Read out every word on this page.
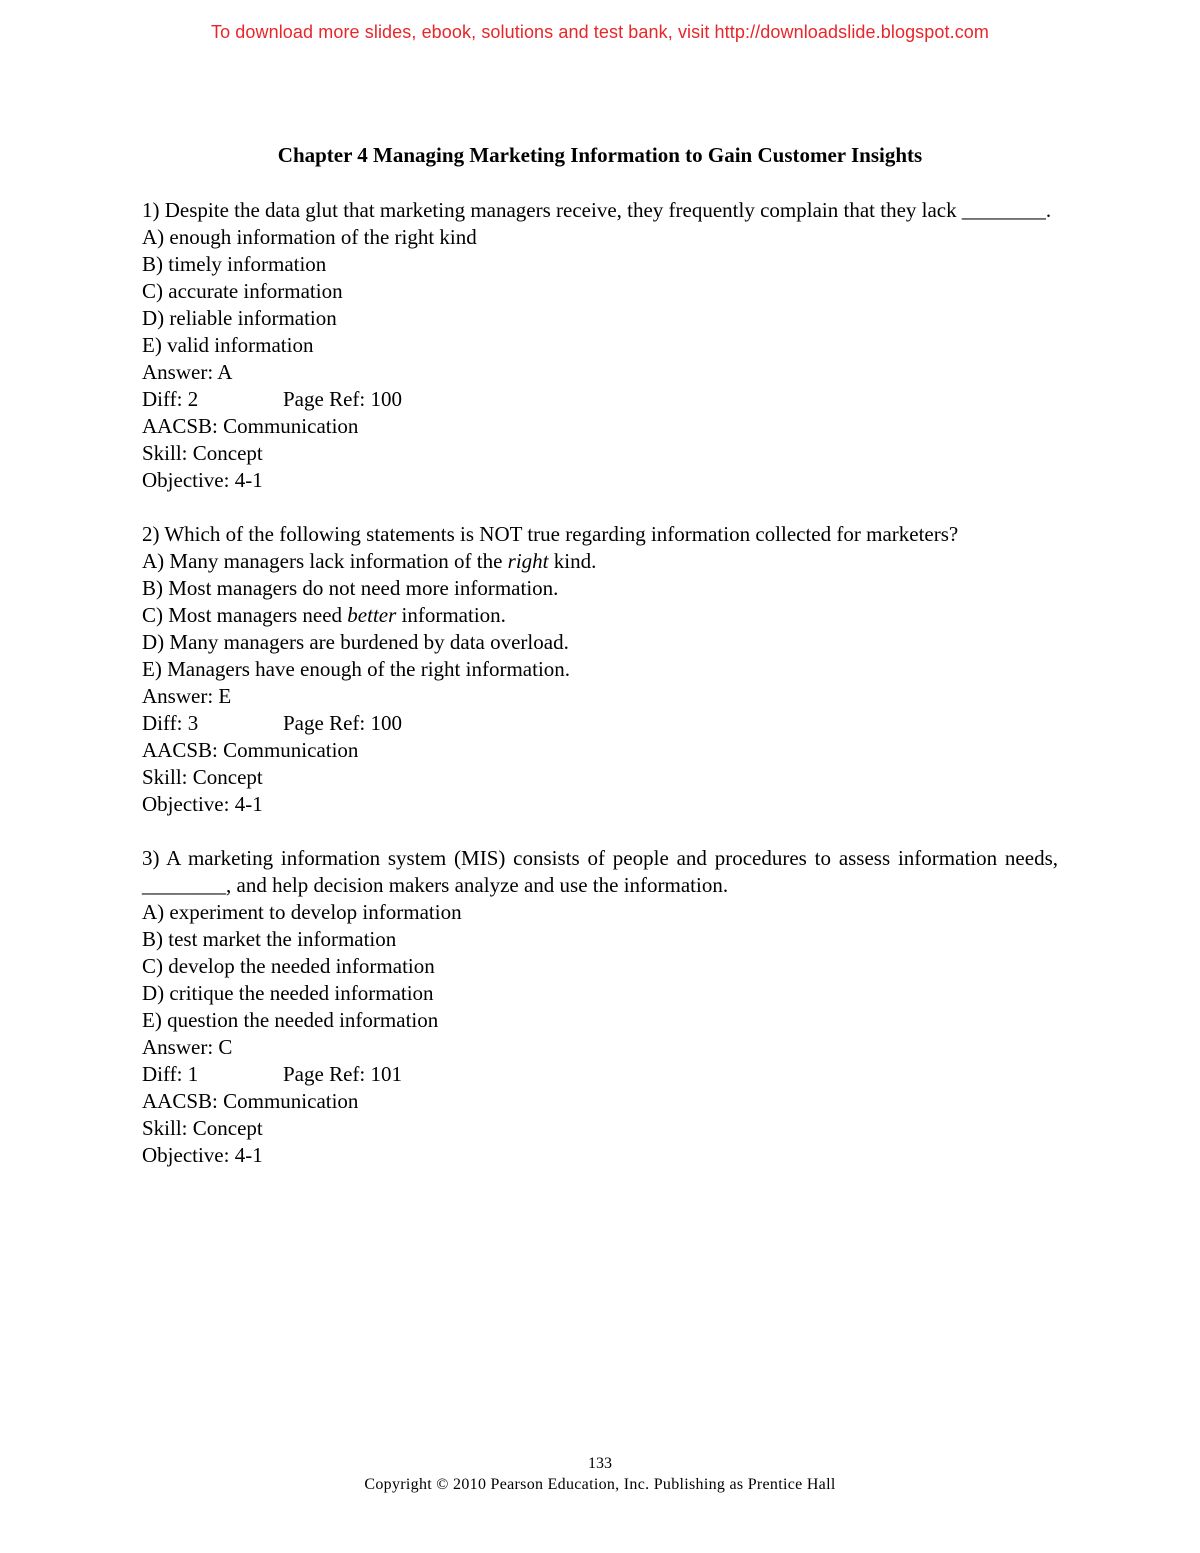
To download more slides, ebook, solutions and test bank, visit http://downloadslide.blogspot.com
Chapter 4 Managing Marketing Information to Gain Customer Insights

1) Despite the data glut that marketing managers receive, they frequently complain that they lack ________.

A) enough information of the right kind
B) timely information
C) accurate information
D) reliable information
E) valid information
Answer: A
Diff: 2	Page Ref: 100
AACSB: Communication
Skill: Concept
Objective: 4-1

2) Which of the following statements is NOT true regarding information collected for marketers?

A) Many managers lack information of the right kind.
B) Most managers do not need more information.
C) Most managers need better information.
D) Many managers are burdened by data overload.
E) Managers have enough of the right information.
Answer: E
Diff: 3	Page Ref: 100
AACSB: Communication
Skill: Concept
Objective: 4-1

3) A marketing information system (MIS) consists of people and procedures to assess information needs, ________, and help decision makers analyze and use the information.

A) experiment to develop information
B) test market the information
C) develop the needed information
D) critique the needed information
E) question the needed information
Answer: C
Diff: 1	Page Ref: 101
AACSB: Communication
Skill: Concept
Objective: 4-1
133
Copyright © 2010 Pearson Education, Inc. Publishing as Prentice Hall
